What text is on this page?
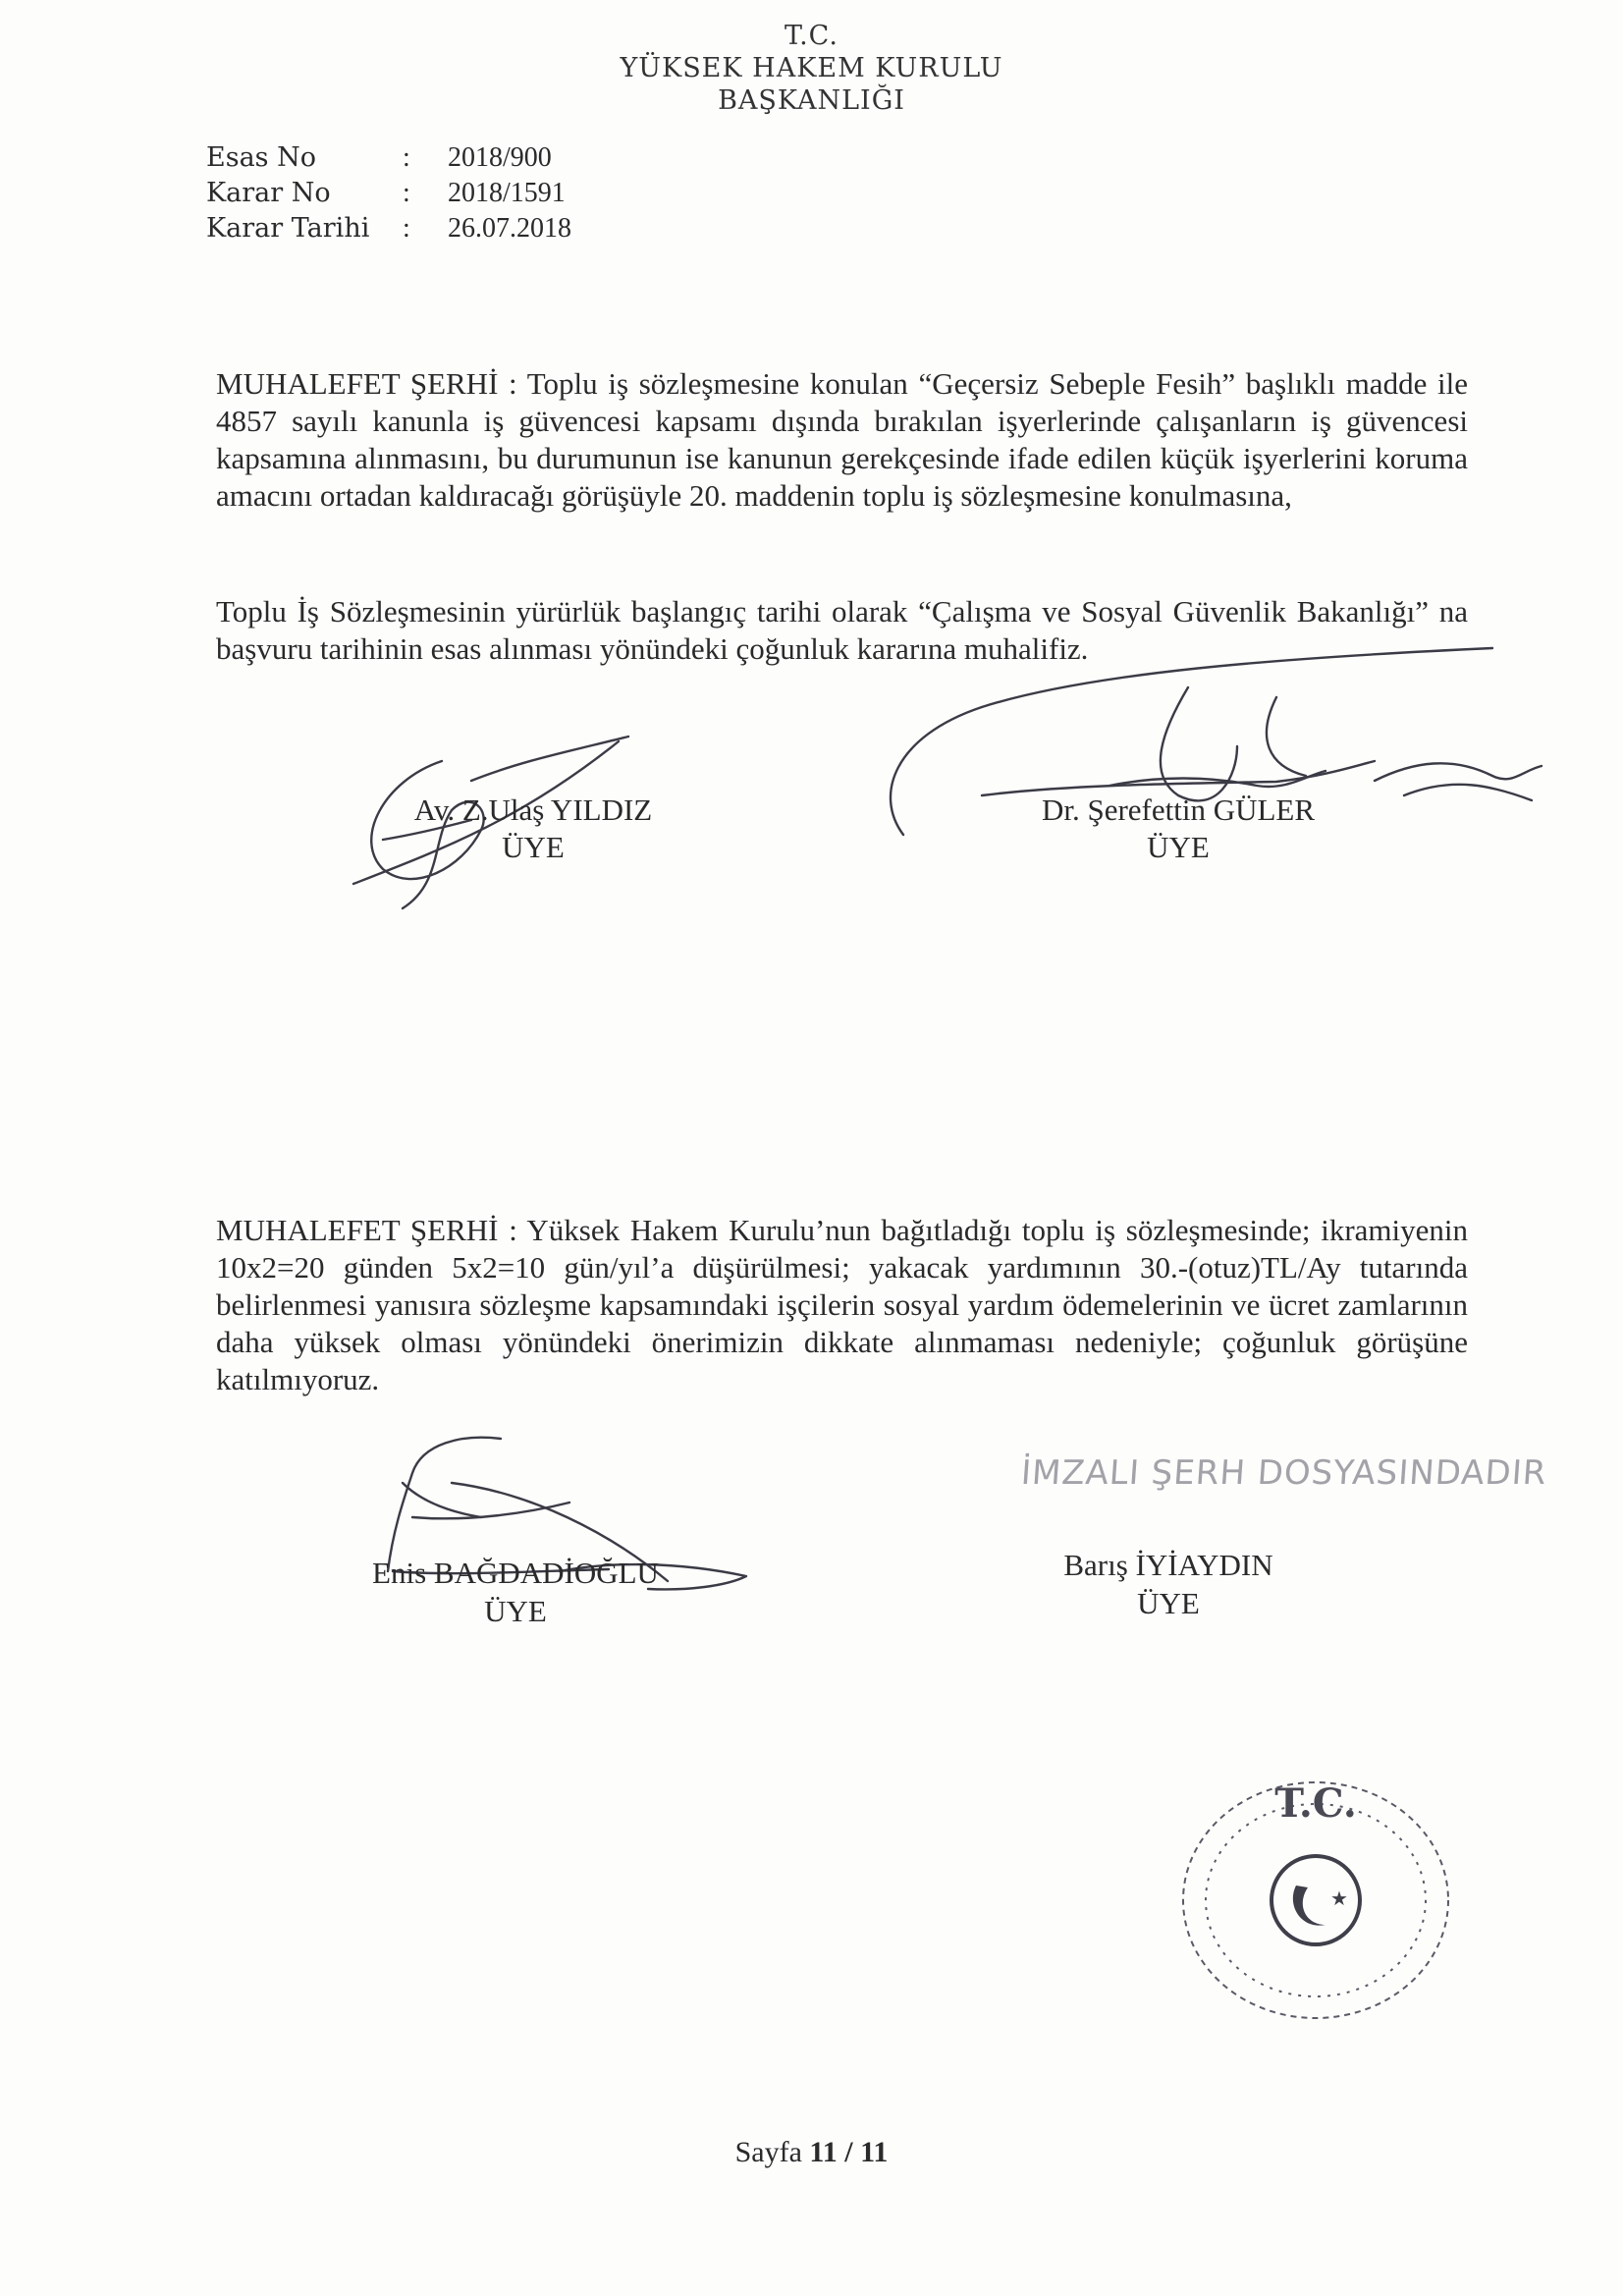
T.C.
YÜKSEK HAKEM KURULU
BAŞKANLIĞI
Esas No	:	2018/900
Karar No	:	2018/1591
Karar Tarihi	:	26.07.2018
MUHALEFET ŞERHİ : Toplu iş sözleşmesine konulan “Geçersiz Sebeple Fesih” başlıklı madde ile 4857 sayılı kanunla iş güvencesi kapsamı dışında bırakılan işyerlerinde çalışanların iş güvencesi kapsamına alınmasını, bu durumunun ise kanunun gerekçesinde ifade edilen küçük işyerlerini koruma amacını ortadan kaldıracağı görüşüyle 20. maddenin toplu iş sözleşmesine konulmasına,
Toplu İş Sözleşmesinin yürürlük başlangıç tarihi olarak “Çalışma ve Sosyal Güvenlik Bakanlığı” na başvuru tarihinin esas alınması yönündeki çoğunluk kararına muhalifiz.
Av. Z.Ulaş YILDIZ
ÜYE
Dr. Şerefettin GÜLER
ÜYE
MUHALEFET ŞERHİ : Yüksek Hakem Kurulu’nun bağıtladığı toplu iş sözleşmesinde; ikramiyenin 10x2=20 günden 5x2=10 gün/yıl’a düşürülmesi; yakacak yardımının 30.-(otuz)TL/Ay tutarında belirlenmesi yanısıra sözleşme kapsamındaki işçilerin sosyal yardım ödemelerinin ve ücret zamlarının daha yüksek olması yönündeki önerimizin dikkate alınmaması nedeniyle; çoğunluk görüşüne katılmıyoruz.
İMZALI ŞERH DOSYASINDADIR
Enis BAĞDADİOĞLU
ÜYE
Barış İYİAYDIN
ÜYE
★
T.C.
Sayfa 11 / 11
